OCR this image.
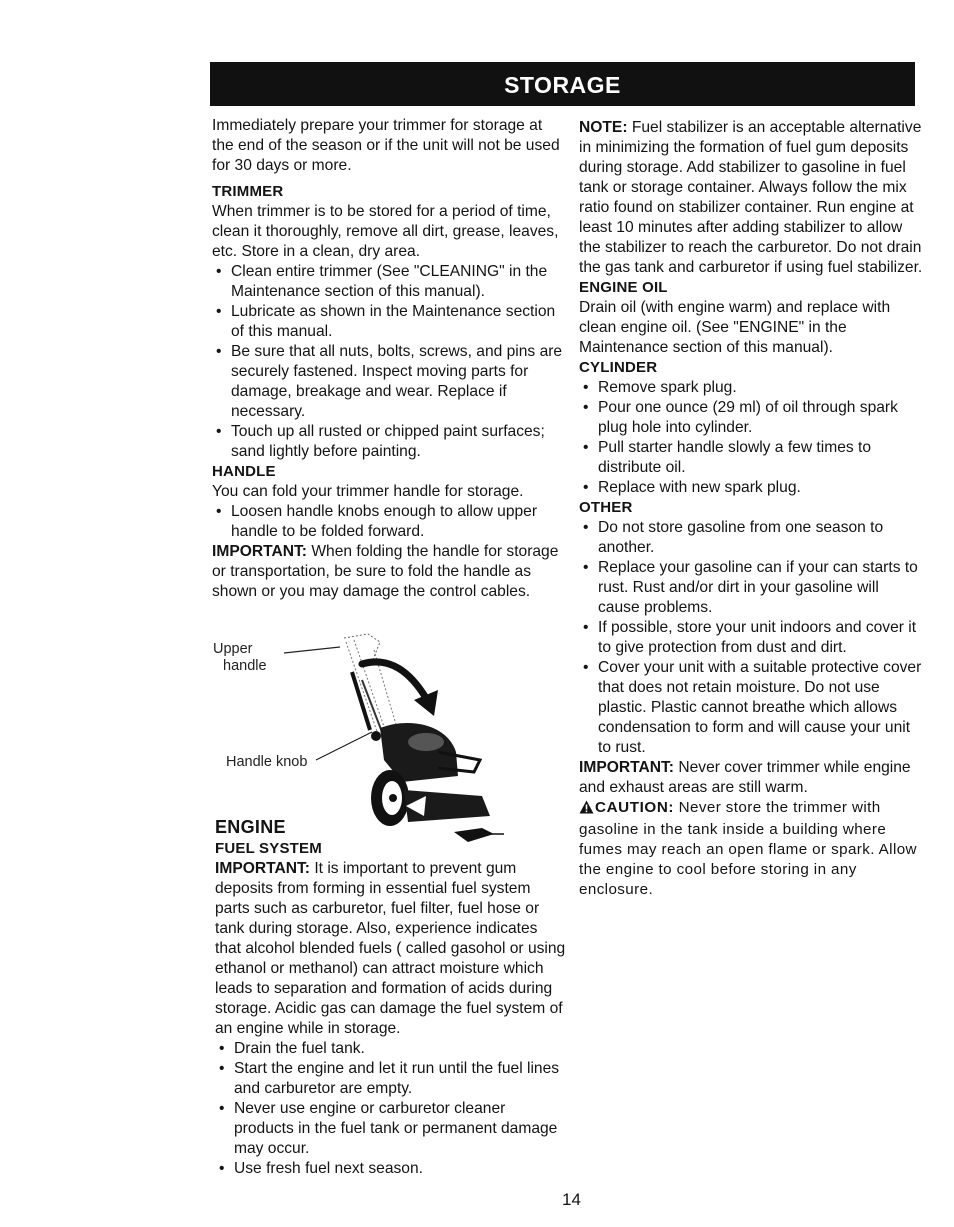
STORAGE

Immediately prepare your trimmer for storage at the end of the season or if the unit will not be used for 30 days or more.

TRIMMER

When trimmer is to be stored for a period of time, clean it thoroughly, remove all dirt, grease, leaves, etc. Store in a clean, dry area.

• Clean entire trimmer (See "CLEANING" in the Maintenance section of this manual).
• Lubricate as shown in the Maintenance section of this manual.
• Be sure that all nuts, bolts, screws, and pins are securely fastened. Inspect moving parts for damage, breakage and wear. Replace if necessary.
• Touch up all rusted or chipped paint surfaces; sand lightly before painting.

HANDLE

You can fold your trimmer handle for storage.

• Loosen handle knobs enough to allow upper handle to be folded forward.

IMPORTANT: When folding the handle for storage or transportation, be sure to fold the handle as shown or you may damage the control cables.

Upper
handle
Handle knob

ENGINE

FUEL SYSTEM

IMPORTANT: It is important to prevent gum deposits from forming in essential fuel system parts such as carburetor, fuel filter, fuel hose or tank during storage. Also, experience indicates that alcohol blended fuels ( called gasohol or using ethanol or methanol) can attract moisture which leads to separation and formation of acids during storage. Acidic gas can damage the fuel system of an engine while in storage.

• Drain the fuel tank.
• Start the engine and let it run until the fuel lines and carburetor are empty.
• Never use engine or carburetor cleaner products in the fuel tank or permanent damage may occur.
• Use fresh fuel next season.

NOTE: Fuel stabilizer is an acceptable alternative in minimizing the formation of fuel gum deposits during storage. Add stabilizer to gasoline in fuel tank or storage container. Always follow the mix ratio found on stabilizer container. Run engine at least 10 minutes after adding stabilizer to allow the stabilizer to reach the carburetor. Do not drain the gas tank and carburetor if using fuel stabilizer.

ENGINE OIL

Drain oil (with engine warm) and replace with clean engine oil. (See "ENGINE" in the Maintenance section of this manual).

CYLINDER

• Remove spark plug.
• Pour one ounce (29 ml) of oil through spark plug hole into cylinder.
• Pull starter handle slowly a few times to distribute oil.
• Replace with new spark plug.

OTHER

• Do not store gasoline from one season to another.
• Replace your gasoline can if your can starts to rust. Rust and/or dirt in your gasoline will cause problems.
• If possible, store your unit indoors and cover it to give protection from dust and dirt.
• Cover your unit with a suitable protective cover that does not retain moisture. Do not use plastic. Plastic cannot breathe which allows condensation to form and will cause your unit to rust.

IMPORTANT: Never cover trimmer while engine and exhaust areas are still warm.

CAUTION: Never store the trimmer with gasoline in the tank inside a building where fumes may reach an open flame or spark. Allow the engine to cool before storing in any enclosure.

14
